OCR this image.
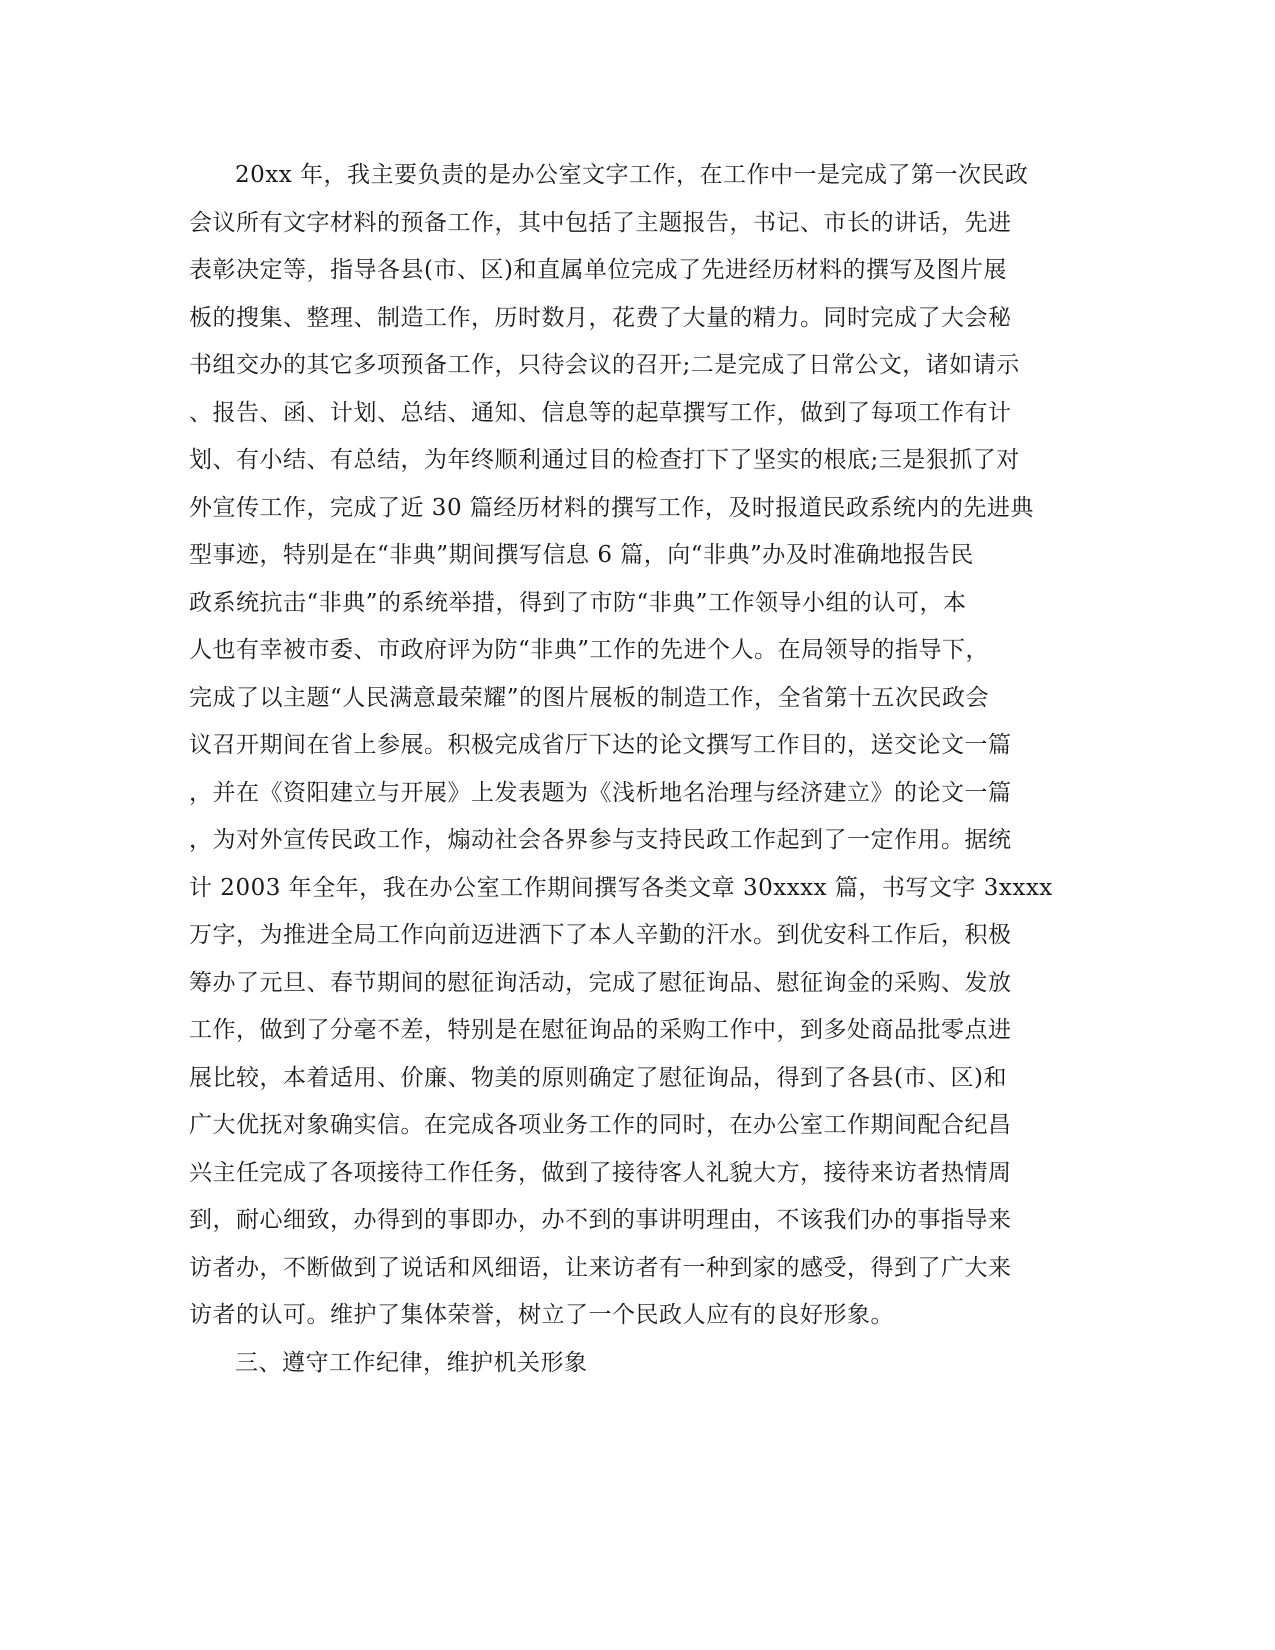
20xx 年，我主要负责的是办公室文字工作，在工作中一是完成了第一次民政
会议所有文字材料的预备工作，其中包括了主题报告，书记、市长的讲话，先进
表彰决定等，指导各县(市、区)和直属单位完成了先进经历材料的撰写及图片展
板的搜集、整理、制造工作，历时数月，花费了大量的精力。同时完成了大会秘
书组交办的其它多项预备工作，只待会议的召开;二是完成了日常公文，诸如请示
、报告、函、计划、总结、通知、信息等的起草撰写工作，做到了每项工作有计
划、有小结、有总结，为年终顺利通过目的检查打下了坚实的根底;三是狠抓了对
外宣传工作，完成了近 30 篇经历材料的撰写工作，及时报道民政系统内的先进典
型事迹，特别是在“非典”期间撰写信息 6 篇，向“非典”办及时准确地报告民
政系统抗击“非典”的系统举措，得到了市防“非典”工作领导小组的认可，本
人也有幸被市委、市政府评为防“非典”工作的先进个人。在局领导的指导下，
完成了以主题“人民满意最荣耀”的图片展板的制造工作，全省第十五次民政会
议召开期间在省上参展。积极完成省厅下达的论文撰写工作目的，送交论文一篇
，并在《资阳建立与开展》上发表题为《浅析地名治理与经济建立》的论文一篇
，为对外宣传民政工作，煽动社会各界参与支持民政工作起到了一定作用。据统
计 2003 年全年，我在办公室工作期间撰写各类文章 30xxxx 篇，书写文字 3xxxx
万字，为推进全局工作向前迈进洒下了本人辛勤的汗水。到优安科工作后，积极
筹办了元旦、春节期间的慰征询活动，完成了慰征询品、慰征询金的采购、发放
工作，做到了分毫不差，特别是在慰征询品的采购工作中，到多处商品批零点进
展比较，本着适用、价廉、物美的原则确定了慰征询品，得到了各县(市、区)和
广大优抚对象确实信。在完成各项业务工作的同时，在办公室工作期间配合纪昌
兴主任完成了各项接待工作任务，做到了接待客人礼貌大方，接待来访者热情周
到，耐心细致，办得到的事即办，办不到的事讲明理由，不该我们办的事指导来
访者办，不断做到了说话和风细语，让来访者有一种到家的感受，得到了广大来
访者的认可。维护了集体荣誉，树立了一个民政人应有的良好形象。
三、遵守工作纪律，维护机关形象
